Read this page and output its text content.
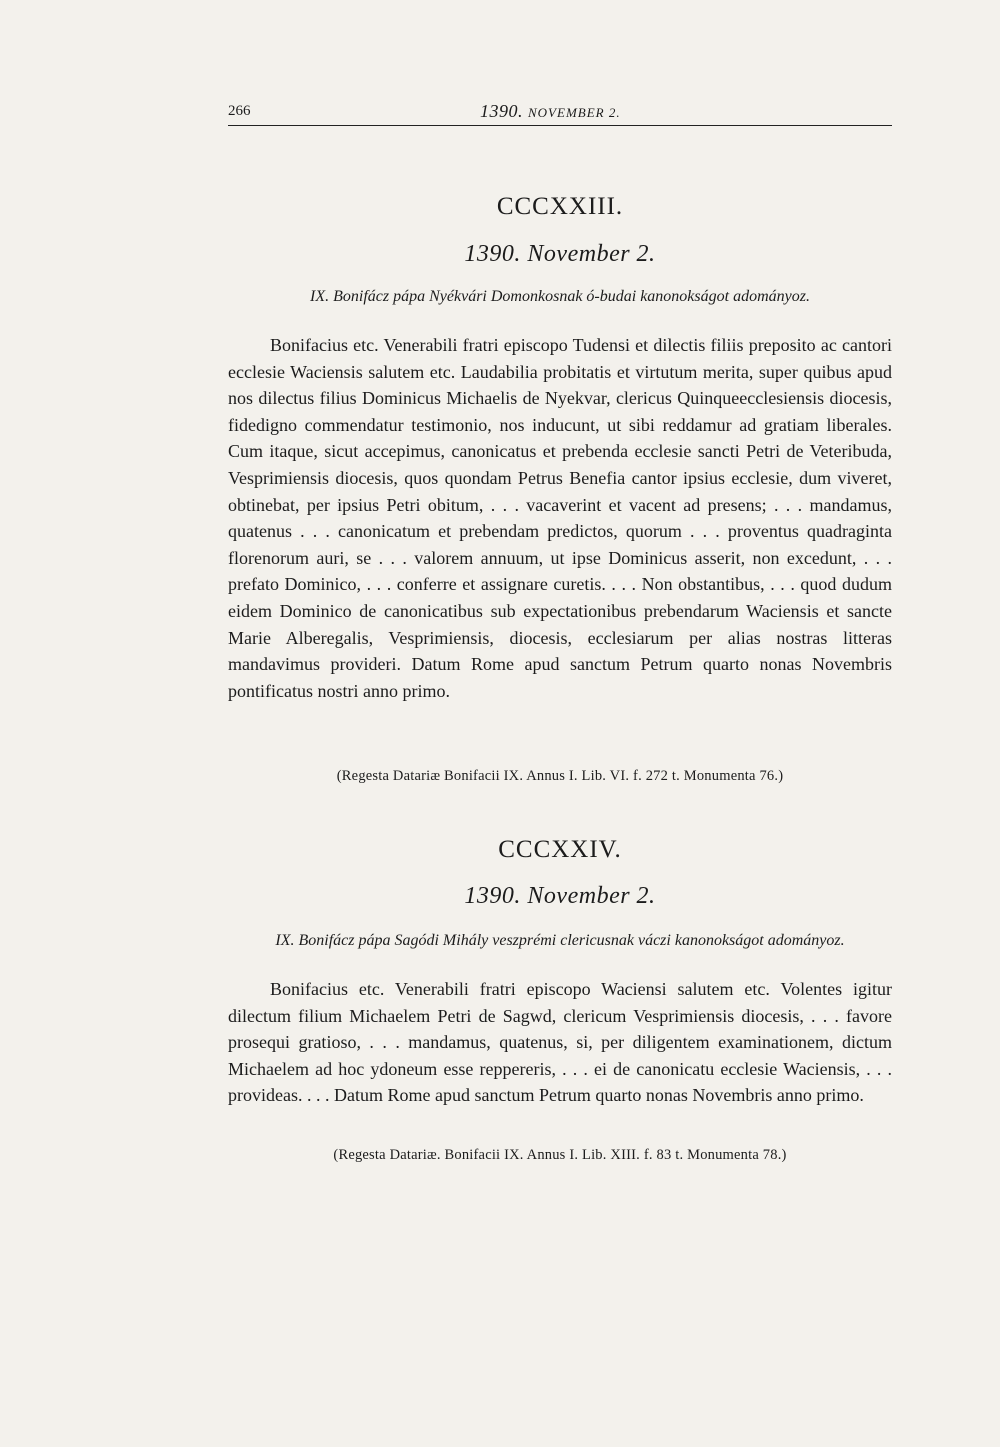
266	1390. NOVEMBER 2.
CCCXXIII.
1390. November 2.
IX. Bonifácz pápa Nyékvári Domonkosnak ó-budai kanonokságot adományoz.

Bonifacius etc. Venerabili fratri episcopo Tudensi et dilectis filiis preposito ac cantori ecclesie Waciensis salutem etc. Laudabilia probitatis et virtutum merita, super quibus apud nos dilectus filius Dominicus Michaelis de Nyekvar, clericus Quinqueecclesiensis diocesis, fidedigno commendatur testimonio, nos inducunt, ut sibi reddamur ad gratiam liberales. Cum itaque, sicut accepimus, canonicatus et prebenda ecclesie sancti Petri de Veteribuda, Vesprimiensis diocesis, quos quondam Petrus Benefia cantor ipsius ecclesie, dum viveret, obtinebat, per ipsius Petri obitum, . . . vacaverint et vacent ad presens; . . . mandamus, quatenus . . . canonicatum et prebendam predictos, quorum . . . proventus quadraginta florenorum auri, se . . . valorem annuum, ut ipse Dominicus asserit, non excedunt, . . . prefato Dominico, . . . conferre et assignare curetis. . . . Non obstantibus, . . . quod dudum eidem Dominico de canonicatibus sub expectationibus prebendarum Waciensis et sancte Marie Alberegalis, Vesprimiensis, diocesis, ecclesiarum per alias nostras litteras mandavimus provideri. Datum Rome apud sanctum Petrum quarto nonas Novembris pontificatus nostri anno primo.

(Regesta Datariæ Bonifacii IX. Annus I. Lib. VI. f. 272 t. Monumenta 76.)
CCCXXIV.
1390. November 2.
IX. Bonifácz pápa Sagódi Mihály veszprémi clericusnak váczi kanonokságot adományoz.

Bonifacius etc. Venerabili fratri episcopo Waciensi salutem etc. Volentes igitur dilectum filium Michaelem Petri de Sagwd, clericum Vesprimiensis diocesis, . . . favore prosequi gratioso, . . . mandamus, quatenus, si, per diligentem examinationem, dictum Michaelem ad hoc ydoneum esse reppereris, . . . ei de canonicatu ecclesie Waciensis, . . . provideas. . . . Datum Rome apud sanctum Petrum quarto nonas Novembris anno primo.

(Regesta Datariæ. Bonifacii IX. Annus I. Lib. XIII. f. 83 t. Monumenta 78.)
